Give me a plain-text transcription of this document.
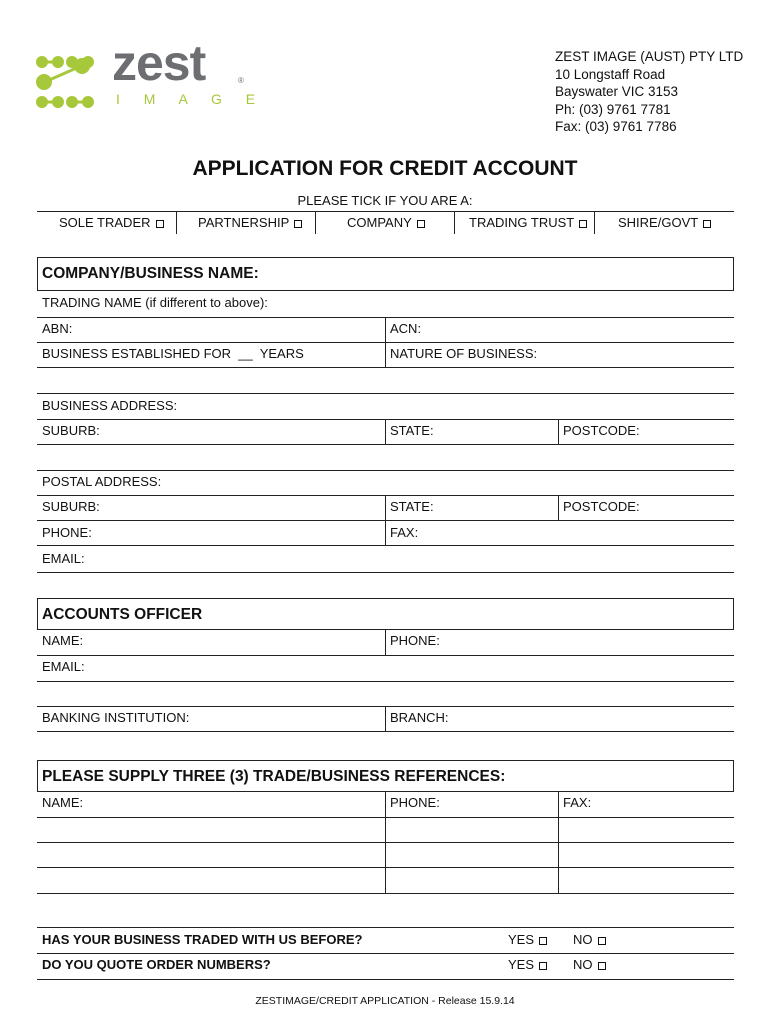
zest	®
I M A G E
ZEST IMAGE (AUST) PTY LTD
10 Longstaff Road
Bayswater VIC 3153
Ph: (03) 9761 7781
Fax: (03) 9761 7786
APPLICATION FOR CREDIT ACCOUNT
PLEASE TICK IF YOU ARE A:
SOLE TRADER	PARTNERSHIP	COMPANY	TRADING TRUST	SHIRE/GOVT
COMPANY/BUSINESS NAME:
TRADING NAME (if different to above):
ABN:	ACN:
BUSINESS ESTABLISHED FOR  __  YEARS	NATURE OF BUSINESS:
BUSINESS ADDRESS:
SUBURB:	STATE:	POSTCODE:
POSTAL ADDRESS:
SUBURB:	STATE:	POSTCODE:
PHONE:	FAX:
EMAIL:
ACCOUNTS OFFICER
NAME:	PHONE:
EMAIL:
BANKING INSTITUTION:	BRANCH:
PLEASE SUPPLY THREE (3) TRADE/BUSINESS REFERENCES:
NAME:	PHONE:	FAX:
HAS YOUR BUSINESS TRADED WITH US BEFORE?	YES	NO
DO YOU QUOTE ORDER NUMBERS?	YES	NO
ZESTIMAGE/CREDIT APPLICATION - Release 15.9.14
